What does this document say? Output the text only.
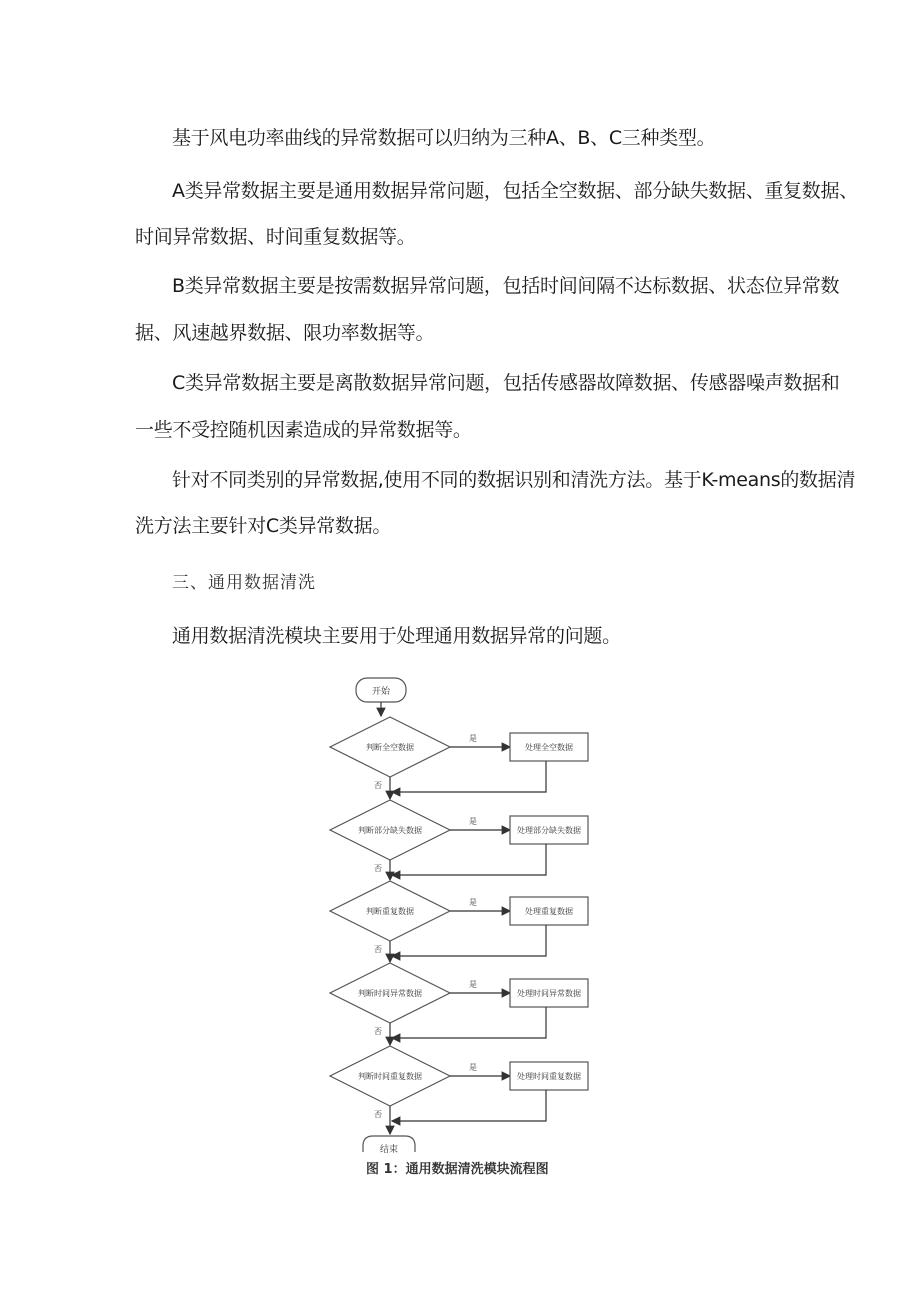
基于风电功率曲线的异常数据可以归纳为三种A、B、C三种类型。
A类异常数据主要是通用数据异常问题，包括全空数据、部分缺失数据、重复数据、
时间异常数据、时间重复数据等。
B类异常数据主要是按需数据异常问题，包括时间间隔不达标数据、状态位异常数
据、风速越界数据、限功率数据等。
C类异常数据主要是离散数据异常问题，包括传感器故障数据、传感器噪声数据和
一些不受控随机因素造成的异常数据等。
针对不同类别的异常数据,使用不同的数据识别和清洗方法。基于K-means的数据清
洗方法主要针对C类异常数据。
三、通用数据清洗
通用数据清洗模块主要用于处理通用数据异常的问题。
开始
判断全空数据
是
处理全空数据
否
判断部分缺失数据
是
处理部分缺失数据
否
判断重复数据
是
处理重复数据
否
判断时间异常数据
是
处理时间异常数据
否
判断时间重复数据
是
处理时间重复数据
否
结束
图 1：通用数据清洗模块流程图
